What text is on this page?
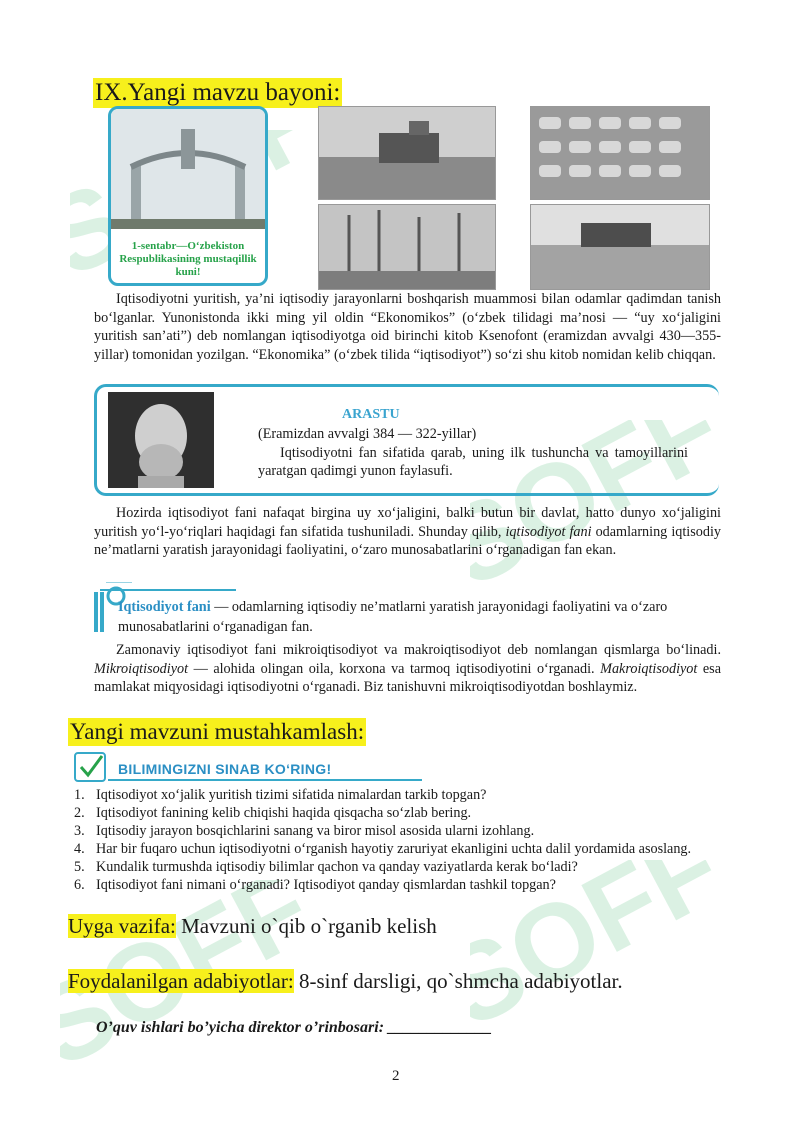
SOFF
SOFF
SOFF
IX.Yangi mavzu bayoni:
1-sentabr—O‘zbekiston Respublikasining mustaqillik kuni!

Iqtisodiyotni yuritish, ya’ni iqtisodiy jarayonlarni boshqarish muammosi bilan odamlar qadimdan tanish bo‘lganlar. Yunonistonda ikki ming yil oldin “Ekonomikos” (o‘zbek tilidagi ma’nosi — “uy xo‘jaligini yuritish san’ati”) deb nomlangan iqtisodiyotga oid birinchi kitob Ksenofont (eramizdan avvalgi 430—355-yillar) tomonidan yozilgan. “Ekonomika” (o‘zbek tilida “iqtisodiyot”) so‘zi shu kitob nomidan kelib chiqqan.

ARASTU
(Eramizdan avvalgi 384 — 322-yillar)
Iqtisodiyotni fan sifatida qarab, uning ilk tushuncha va tamoyillarini yaratgan qadimgi yunon faylasufi.

Hozirda iqtisodiyot fani nafaqat birgina uy xo‘jaligini, balki butun bir davlat, hatto dunyo xo‘jaligini yuritish yo‘l-yo‘riqlari haqidagi fan sifatida tushuniladi. Shunday qilib, iqtisodiyot fani odamlarning iqtisodiy ne’matlarni yaratish jarayonidagi faoliyatini, o‘zaro munosabatlarini o‘rganadigan fan ekan.

Iqtisodiyot fani — odamlarning iqtisodiy ne’matlarni yaratish jarayonidagi faoliyatini va o‘zaro munosabatlarini o‘rganadigan fan.

Zamonaviy iqtisodiyot fani mikroiqtisodiyot va makroiqtisodiyot deb nomlangan qismlarga bo‘linadi. Mikroiqtisodiyot — alohida olingan oila, korxona va tarmoq iqtisodiyotini o‘rganadi. Makroiqtisodiyot esa mamlakat miqyosidagi iqtisodiyotni o‘rganadi. Biz tanishuvni mikroiqtisodiyotdan boshlaymiz.

Yangi mavzuni mustahkamlash:
BILIMINGIZNI SINAB KO‘RING!
1. Iqtisodiyot xo‘jalik yuritish tizimi sifatida nimalardan tarkib topgan?
2. Iqtisodiyot fanining kelib chiqishi haqida qisqacha so‘zlab bering.
3. Iqtisodiy jarayon bosqichlarini sanang va biror misol asosida ularni izohlang.
4. Har bir fuqaro uchun iqtisodiyotni o‘rganish hayotiy zaruriyat ekanligini uchta dalil yordamida asoslang.
5. Kundalik turmushda iqtisodiy bilimlar qachon va qanday vaziyatlarda kerak bo‘ladi?
6. Iqtisodiyot fani nimani o‘rganadi? Iqtisodiyot qanday qismlardan tashkil topgan?
Uyga vazifa: Mavzuni o`qib o`rganib kelish
Foydalanilgan adabiyotlar: 8-sinf darsligi, qo`shmcha adabiyotlar.
O’quv ishlari bo’yicha direktor o’rinbosari: _____________
2
